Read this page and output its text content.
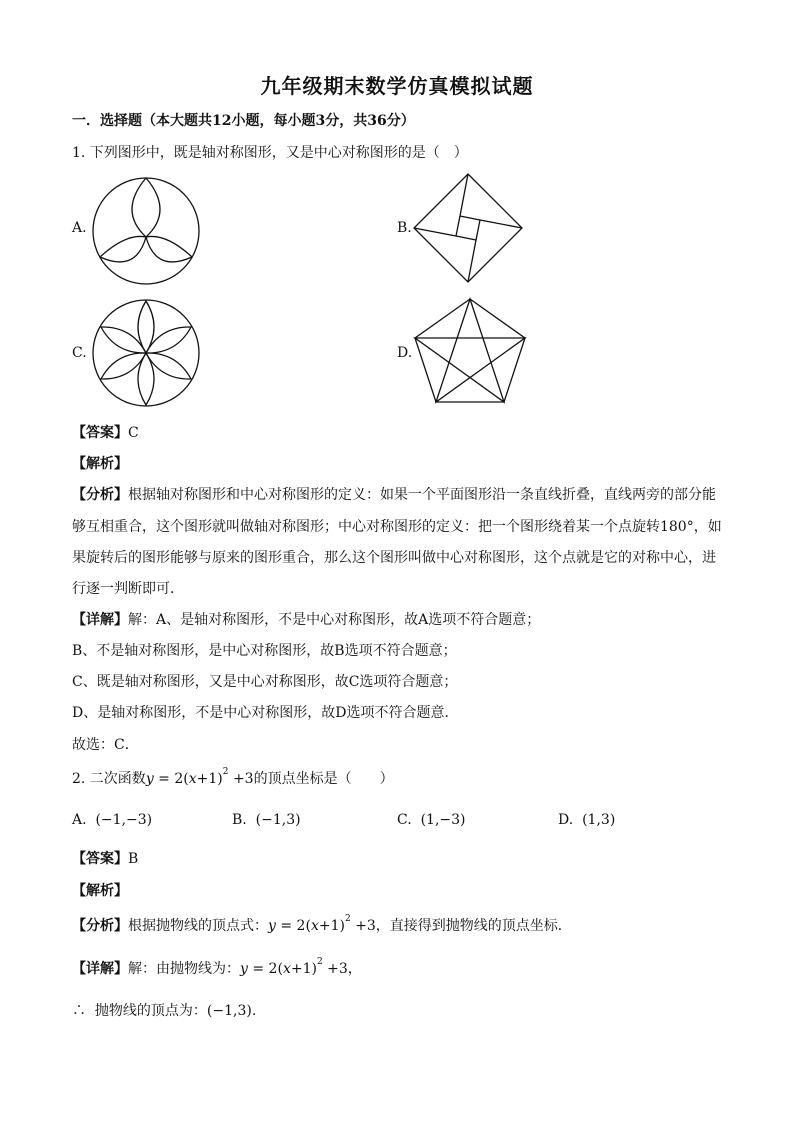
九年级期末数学仿真模拟试题
一．选择题（本大题共12小题，每小题3分，共36分）
1. 下列图形中，既是轴对称图形，又是中心对称图形的是（　）
A.	B.
C.	D.
【答案】C
【解析】
【分析】根据轴对称图形和中心对称图形的定义：如果一个平面图形沿一条直线折叠，直线两旁的部分能
够互相重合，这个图形就叫做轴对称图形；中心对称图形的定义：把一个图形绕着某一个点旋转180°，如
果旋转后的图形能够与原来的图形重合，那么这个图形叫做中心对称图形，这个点就是它的对称中心，进
行逐一判断即可．
【详解】解：A、是轴对称图形，不是中心对称图形，故A选项不符合题意；
B、不是轴对称图形，是中心对称图形，故B选项不符合题意；
C、既是轴对称图形，又是中心对称图形，故C选项符合题意；
D、是轴对称图形，不是中心对称图形，故D选项不符合题意．
故选：C．
2. 二次函数$y = 2(x+1)^2 +3$的顶点坐标是（　　）
A. (−1,−3)	B. (−1,3)	C. (1,−3)	D. (1,3)
【答案】B
【解析】
【分析】根据抛物线的顶点式：$y = 2(x+1)^2 +3$，直接得到抛物线的顶点坐标．
【详解】解：由抛物线为：$y = 2(x+1)^2 +3$，
∴ 抛物线的顶点为：(−1,3).
